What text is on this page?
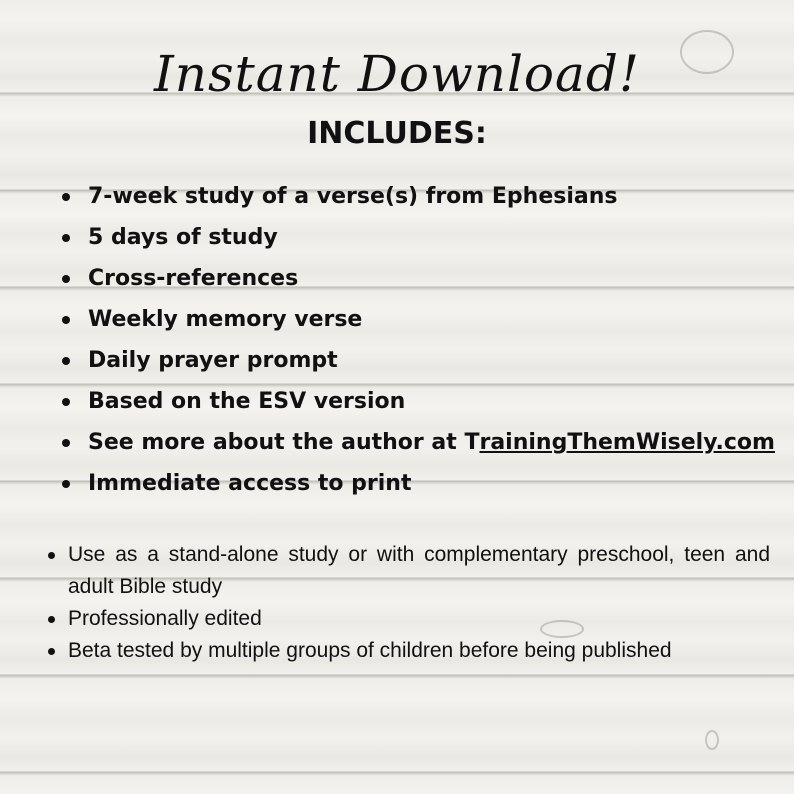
Instant Download!
INCLUDES:
7-week study of a verse(s) from Ephesians
5 days of study
Cross-references
Weekly memory verse
Daily prayer prompt
Based on the ESV version
See more about the author at T rainingThemWisely.com
Immediate access to print
Use as a stand-alone study or with complementary preschool, teen and adult Bible study
Professionally edited
Beta tested by multiple groups of children before being published
